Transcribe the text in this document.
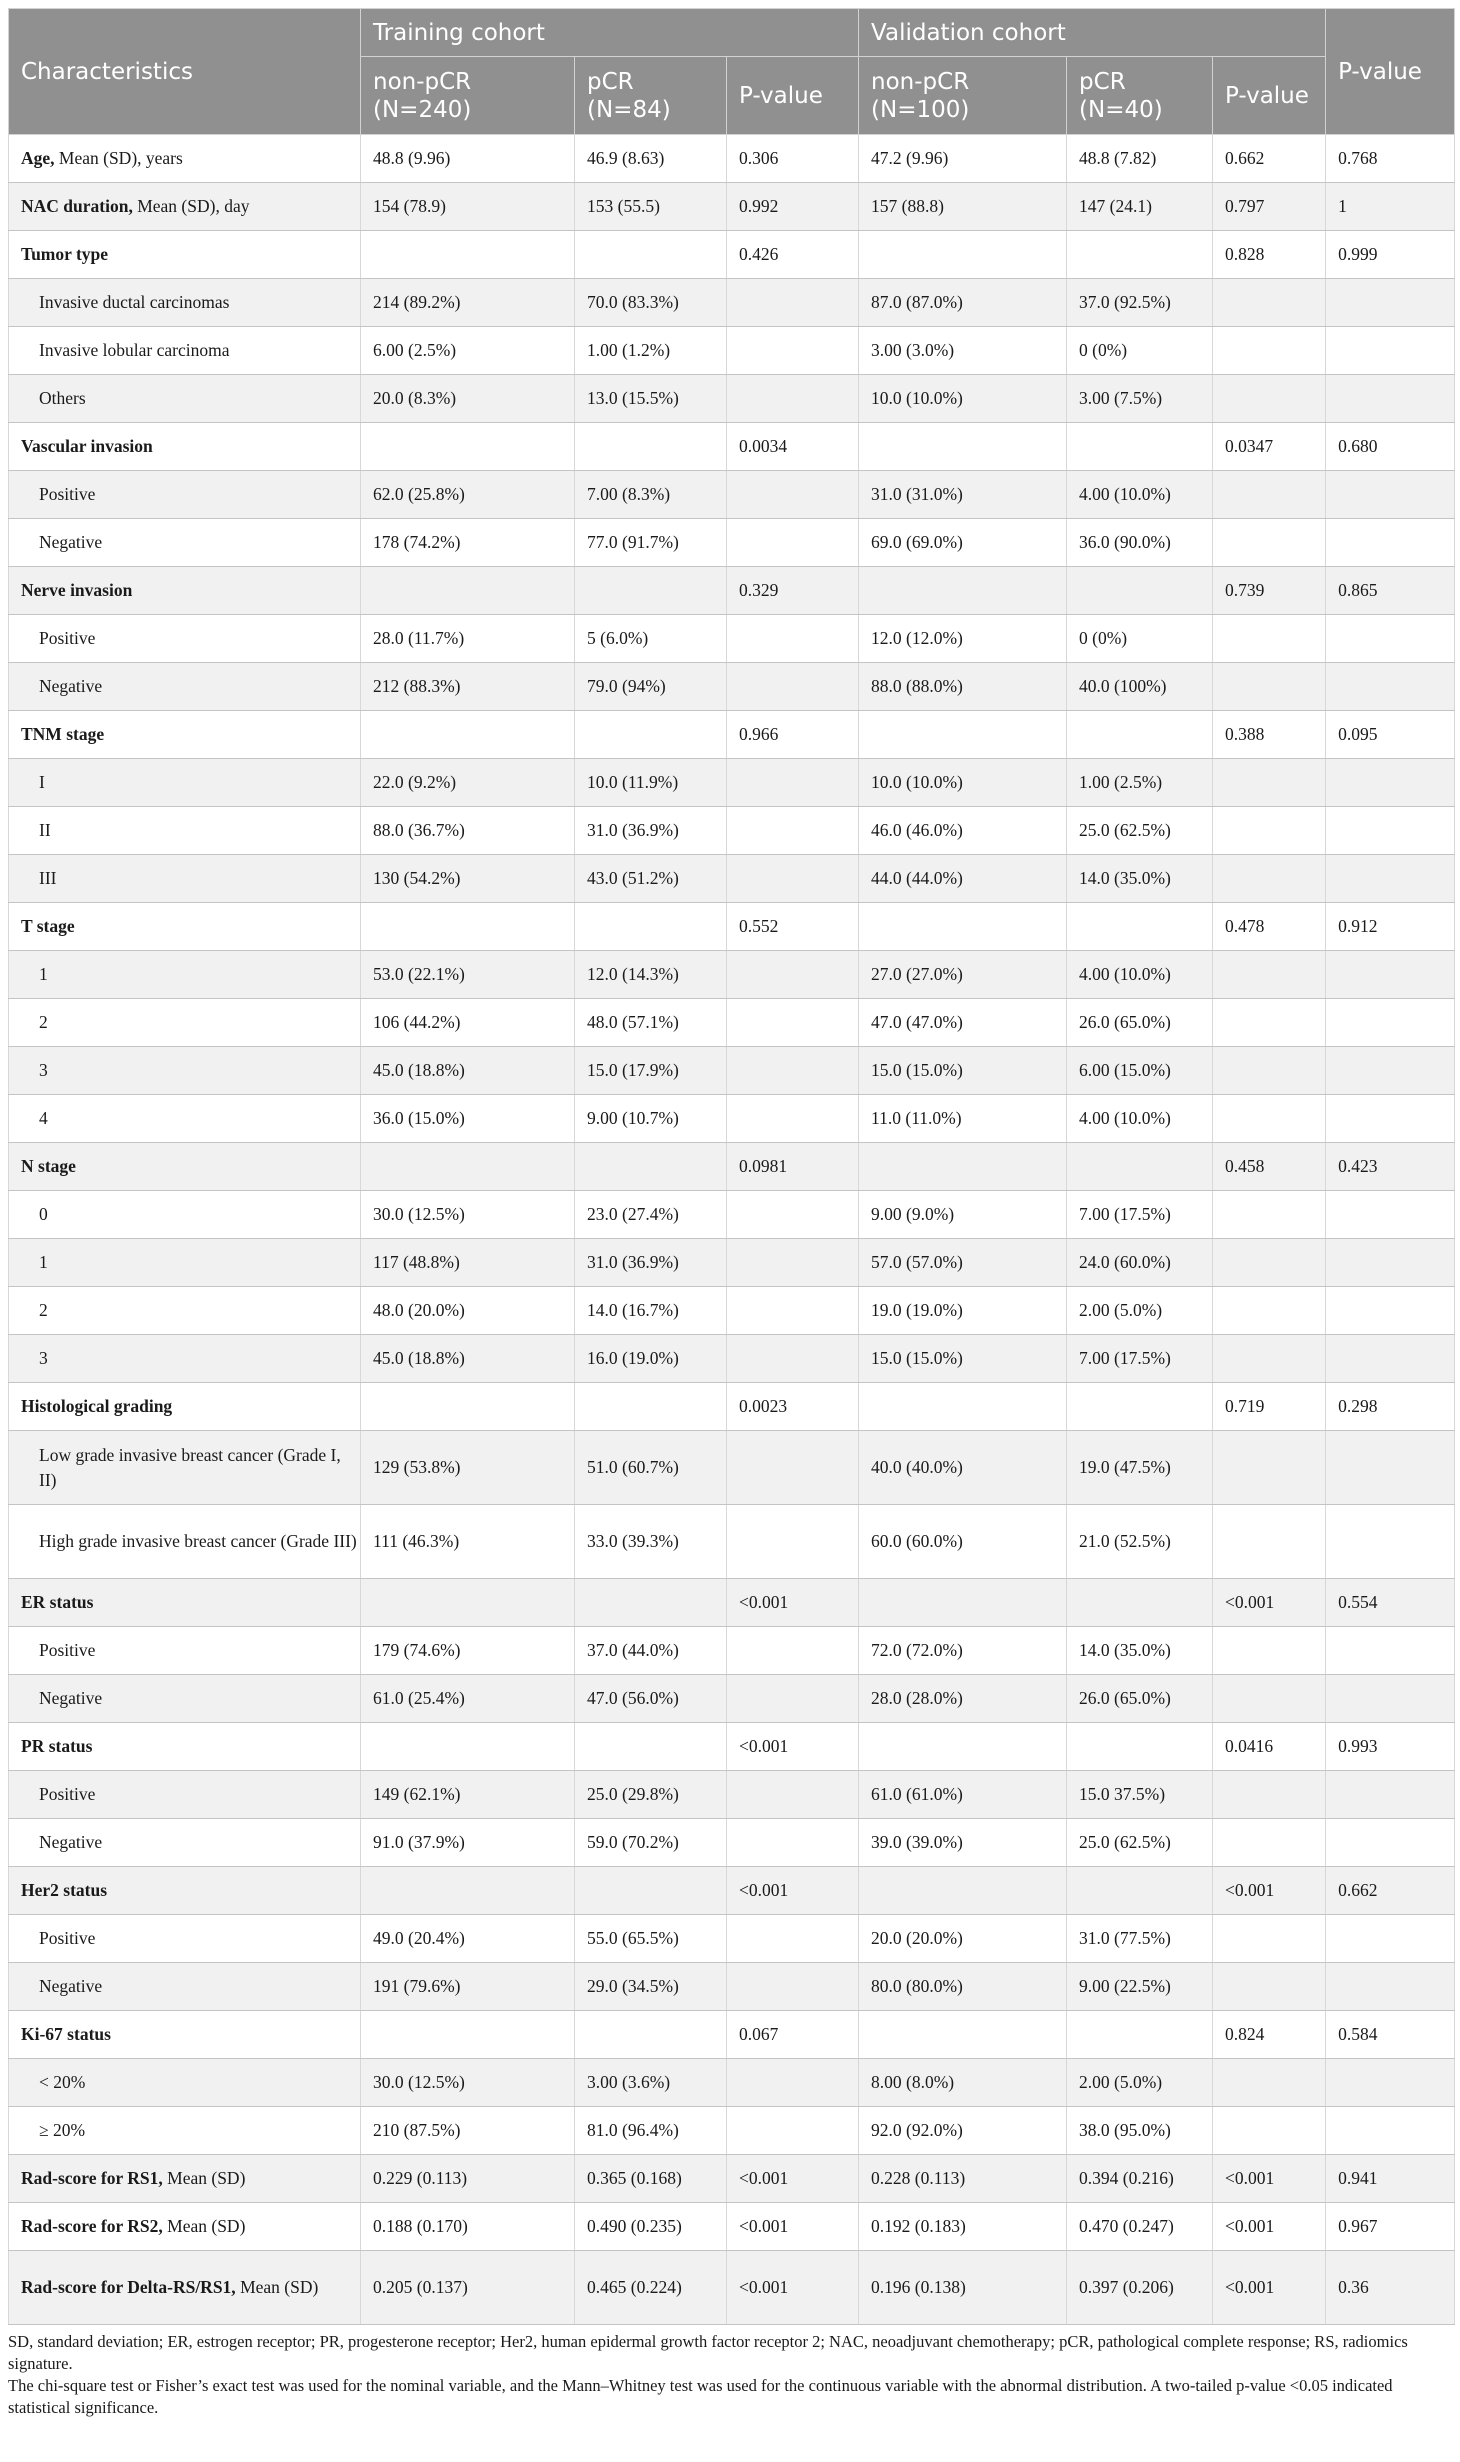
Characteristics	Training cohort			Validation cohort			P-value
	non-pCR (N=240)	pCR (N=84)	P-value	non-pCR (N=100)	pCR (N=40)	P-value	
Age, Mean (SD), years	48.8 (9.96)	46.9 (8.63)	0.306	47.2 (9.96)	48.8 (7.82)	0.662	0.768
NAC duration, Mean (SD), day	154 (78.9)	153 (55.5)	0.992	157 (88.8)	147 (24.1)	0.797	1
Tumor type			0.426			0.828	0.999
Invasive ductal carcinomas	214 (89.2%)	70.0 (83.3%)		87.0 (87.0%)	37.0 (92.5%)		
Invasive lobular carcinoma	6.00 (2.5%)	1.00 (1.2%)		3.00 (3.0%)	0 (0%)		
Others	20.0 (8.3%)	13.0 (15.5%)		10.0 (10.0%)	3.00 (7.5%)		
Vascular invasion			0.0034			0.0347	0.680
Positive	62.0 (25.8%)	7.00 (8.3%)		31.0 (31.0%)	4.00 (10.0%)		
Negative	178 (74.2%)	77.0 (91.7%)		69.0 (69.0%)	36.0 (90.0%)		
Nerve invasion			0.329			0.739	0.865
Positive	28.0 (11.7%)	5 (6.0%)		12.0 (12.0%)	0 (0%)		
Negative	212 (88.3%)	79.0 (94%)		88.0 (88.0%)	40.0 (100%)		
TNM stage			0.966			0.388	0.095
I	22.0 (9.2%)	10.0 (11.9%)		10.0 (10.0%)	1.00 (2.5%)		
II	88.0 (36.7%)	31.0 (36.9%)		46.0 (46.0%)	25.0 (62.5%)		
III	130 (54.2%)	43.0 (51.2%)		44.0 (44.0%)	14.0 (35.0%)		
T stage			0.552			0.478	0.912
1	53.0 (22.1%)	12.0 (14.3%)		27.0 (27.0%)	4.00 (10.0%)		
2	106 (44.2%)	48.0 (57.1%)		47.0 (47.0%)	26.0 (65.0%)		
3	45.0 (18.8%)	15.0 (17.9%)		15.0 (15.0%)	6.00 (15.0%)		
4	36.0 (15.0%)	9.00 (10.7%)		11.0 (11.0%)	4.00 (10.0%)		
N stage			0.0981			0.458	0.423
0	30.0 (12.5%)	23.0 (27.4%)		9.00 (9.0%)	7.00 (17.5%)		
1	117 (48.8%)	31.0 (36.9%)		57.0 (57.0%)	24.0 (60.0%)		
2	48.0 (20.0%)	14.0 (16.7%)		19.0 (19.0%)	2.00 (5.0%)		
3	45.0 (18.8%)	16.0 (19.0%)		15.0 (15.0%)	7.00 (17.5%)		
Histological grading			0.0023			0.719	0.298
Low grade invasive breast cancer (Grade I, II)	129 (53.8%)	51.0 (60.7%)		40.0 (40.0%)	19.0 (47.5%)		
High grade invasive breast cancer (Grade III)	111 (46.3%)	33.0 (39.3%)		60.0 (60.0%)	21.0 (52.5%)		
ER status			<0.001			<0.001	0.554
Positive	179 (74.6%)	37.0 (44.0%)		72.0 (72.0%)	14.0 (35.0%)		
Negative	61.0 (25.4%)	47.0 (56.0%)		28.0 (28.0%)	26.0 (65.0%)		
PR status			<0.001			0.0416	0.993
Positive	149 (62.1%)	25.0 (29.8%)		61.0 (61.0%)	15.0 37.5%)		
Negative	91.0 (37.9%)	59.0 (70.2%)		39.0 (39.0%)	25.0 (62.5%)		
Her2 status			<0.001			<0.001	0.662
Positive	49.0 (20.4%)	55.0 (65.5%)		20.0 (20.0%)	31.0 (77.5%)		
Negative	191 (79.6%)	29.0 (34.5%)		80.0 (80.0%)	9.00 (22.5%)		
Ki-67 status			0.067			0.824	0.584
< 20%	30.0 (12.5%)	3.00 (3.6%)		8.00 (8.0%)	2.00 (5.0%)		
≥ 20%	210 (87.5%)	81.0 (96.4%)		92.0 (92.0%)	38.0 (95.0%)		
Rad-score for RS1, Mean (SD)	0.229 (0.113)	0.365 (0.168)	<0.001	0.228 (0.113)	0.394 (0.216)	<0.001	0.941
Rad-score for RS2, Mean (SD)	0.188 (0.170)	0.490 (0.235)	<0.001	0.192 (0.183)	0.470 (0.247)	<0.001	0.967
Rad-score for Delta-RS/RS1, Mean (SD)	0.205 (0.137)	0.465 (0.224)	<0.001	0.196 (0.138)	0.397 (0.206)	<0.001	0.36

SD, standard deviation; ER, estrogen receptor; PR, progesterone receptor; Her2, human epidermal growth factor receptor 2; NAC, neoadjuvant chemotherapy; pCR, pathological complete response; RS, radiomics signature.

The chi-square test or Fisher’s exact test was used for the nominal variable, and the Mann–Whitney test was used for the continuous variable with the abnormal distribution. A two-tailed p-value <0.05 indicated statistical significance.
